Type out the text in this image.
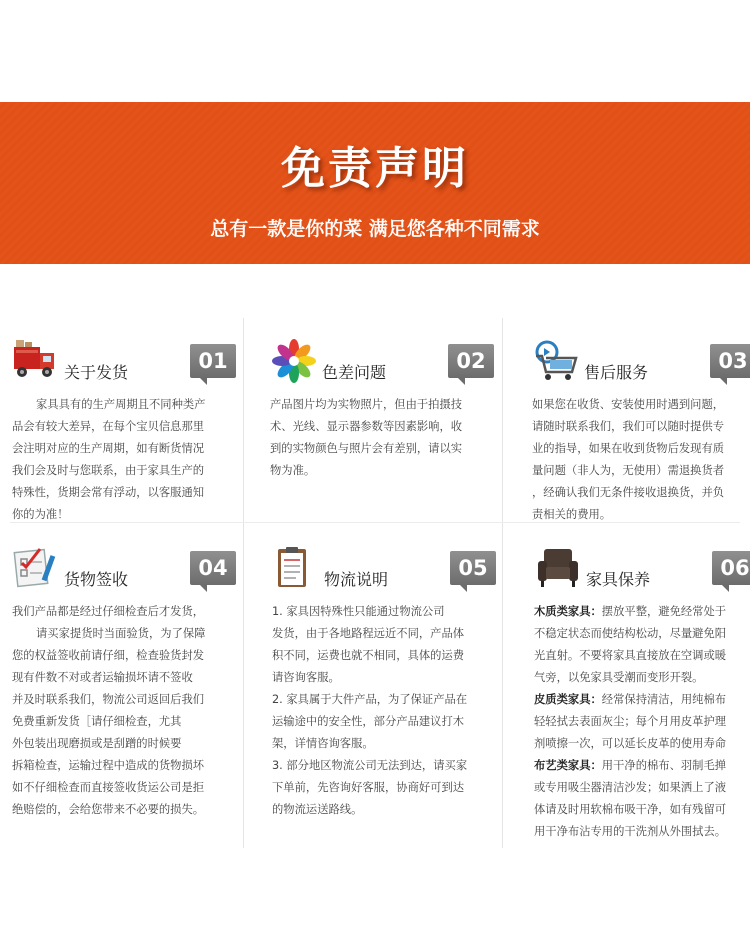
免责声明
总有一款是你的菜 满足您各种不同需求
关于发货	01

家具具有的生产周期且不同种类产

品会有较大差异，在每个宝贝信息那里

会注明对应的生产周期，如有断货情况

我们会及时与您联系，由于家具生产的

特殊性，货期会常有浮动，以客服通知

你的为准！

色差问题	02

产品图片均为实物照片，但由于拍摄技

术、光线、显示器参数等因素影响，收

到的实物颜色与照片会有差别，请以实

物为准。

售后服务	03

如果您在收货、安装使用时遇到问题，

请随时联系我们，我们可以随时提供专

业的指导，如果在收到货物后发现有质

量问题（非人为，无使用）需退换货者

，经确认我们无条件接收退换货，并负

责相关的费用。

货物签收	04

我们产品都是经过仔细检查后才发货，

请买家提货时当面验货，为了保障

您的权益签收前请仔细，检查验货封发

现有件数不对或者运输损坏请不签收

并及时联系我们，物流公司返回后我们

免费重新发货［请仔细检查，尤其

外包装出现磨损或是刮蹭的时候要

拆箱检查，运输过程中造成的货物损坏

如不仔细检查而直接签收货运公司是拒

绝赔偿的，会给您带来不必要的损失。

物流说明	05

1. 家具因特殊性只能通过物流公司

发货，由于各地路程远近不同，产品体

积不同，运费也就不相同，具体的运费

请咨询客服。

2. 家具属于大件产品，为了保证产品在

运输途中的安全性，部分产品建议打木

架，详情咨询客服。

3. 部分地区物流公司无法到达，请买家

下单前，先咨询好客服，协商好可到达

的物流运送路线。

家具保养	06

木质类家具：摆放平整，避免经常处于

不稳定状态而使结构松动，尽量避免阳

光直射。不要将家具直接放在空调或暖

气旁，以免家具受潮而变形开裂。

皮质类家具：经常保持清洁，用纯棉布

轻轻拭去表面灰尘；每个月用皮革护理

剂喷擦一次，可以延长皮革的使用寿命

布艺类家具：用干净的棉布、羽制毛掸

或专用吸尘器清洁沙发；如果洒上了液

体请及时用软棉布吸干净，如有残留可

用干净布沾专用的干洗剂从外围拭去。
